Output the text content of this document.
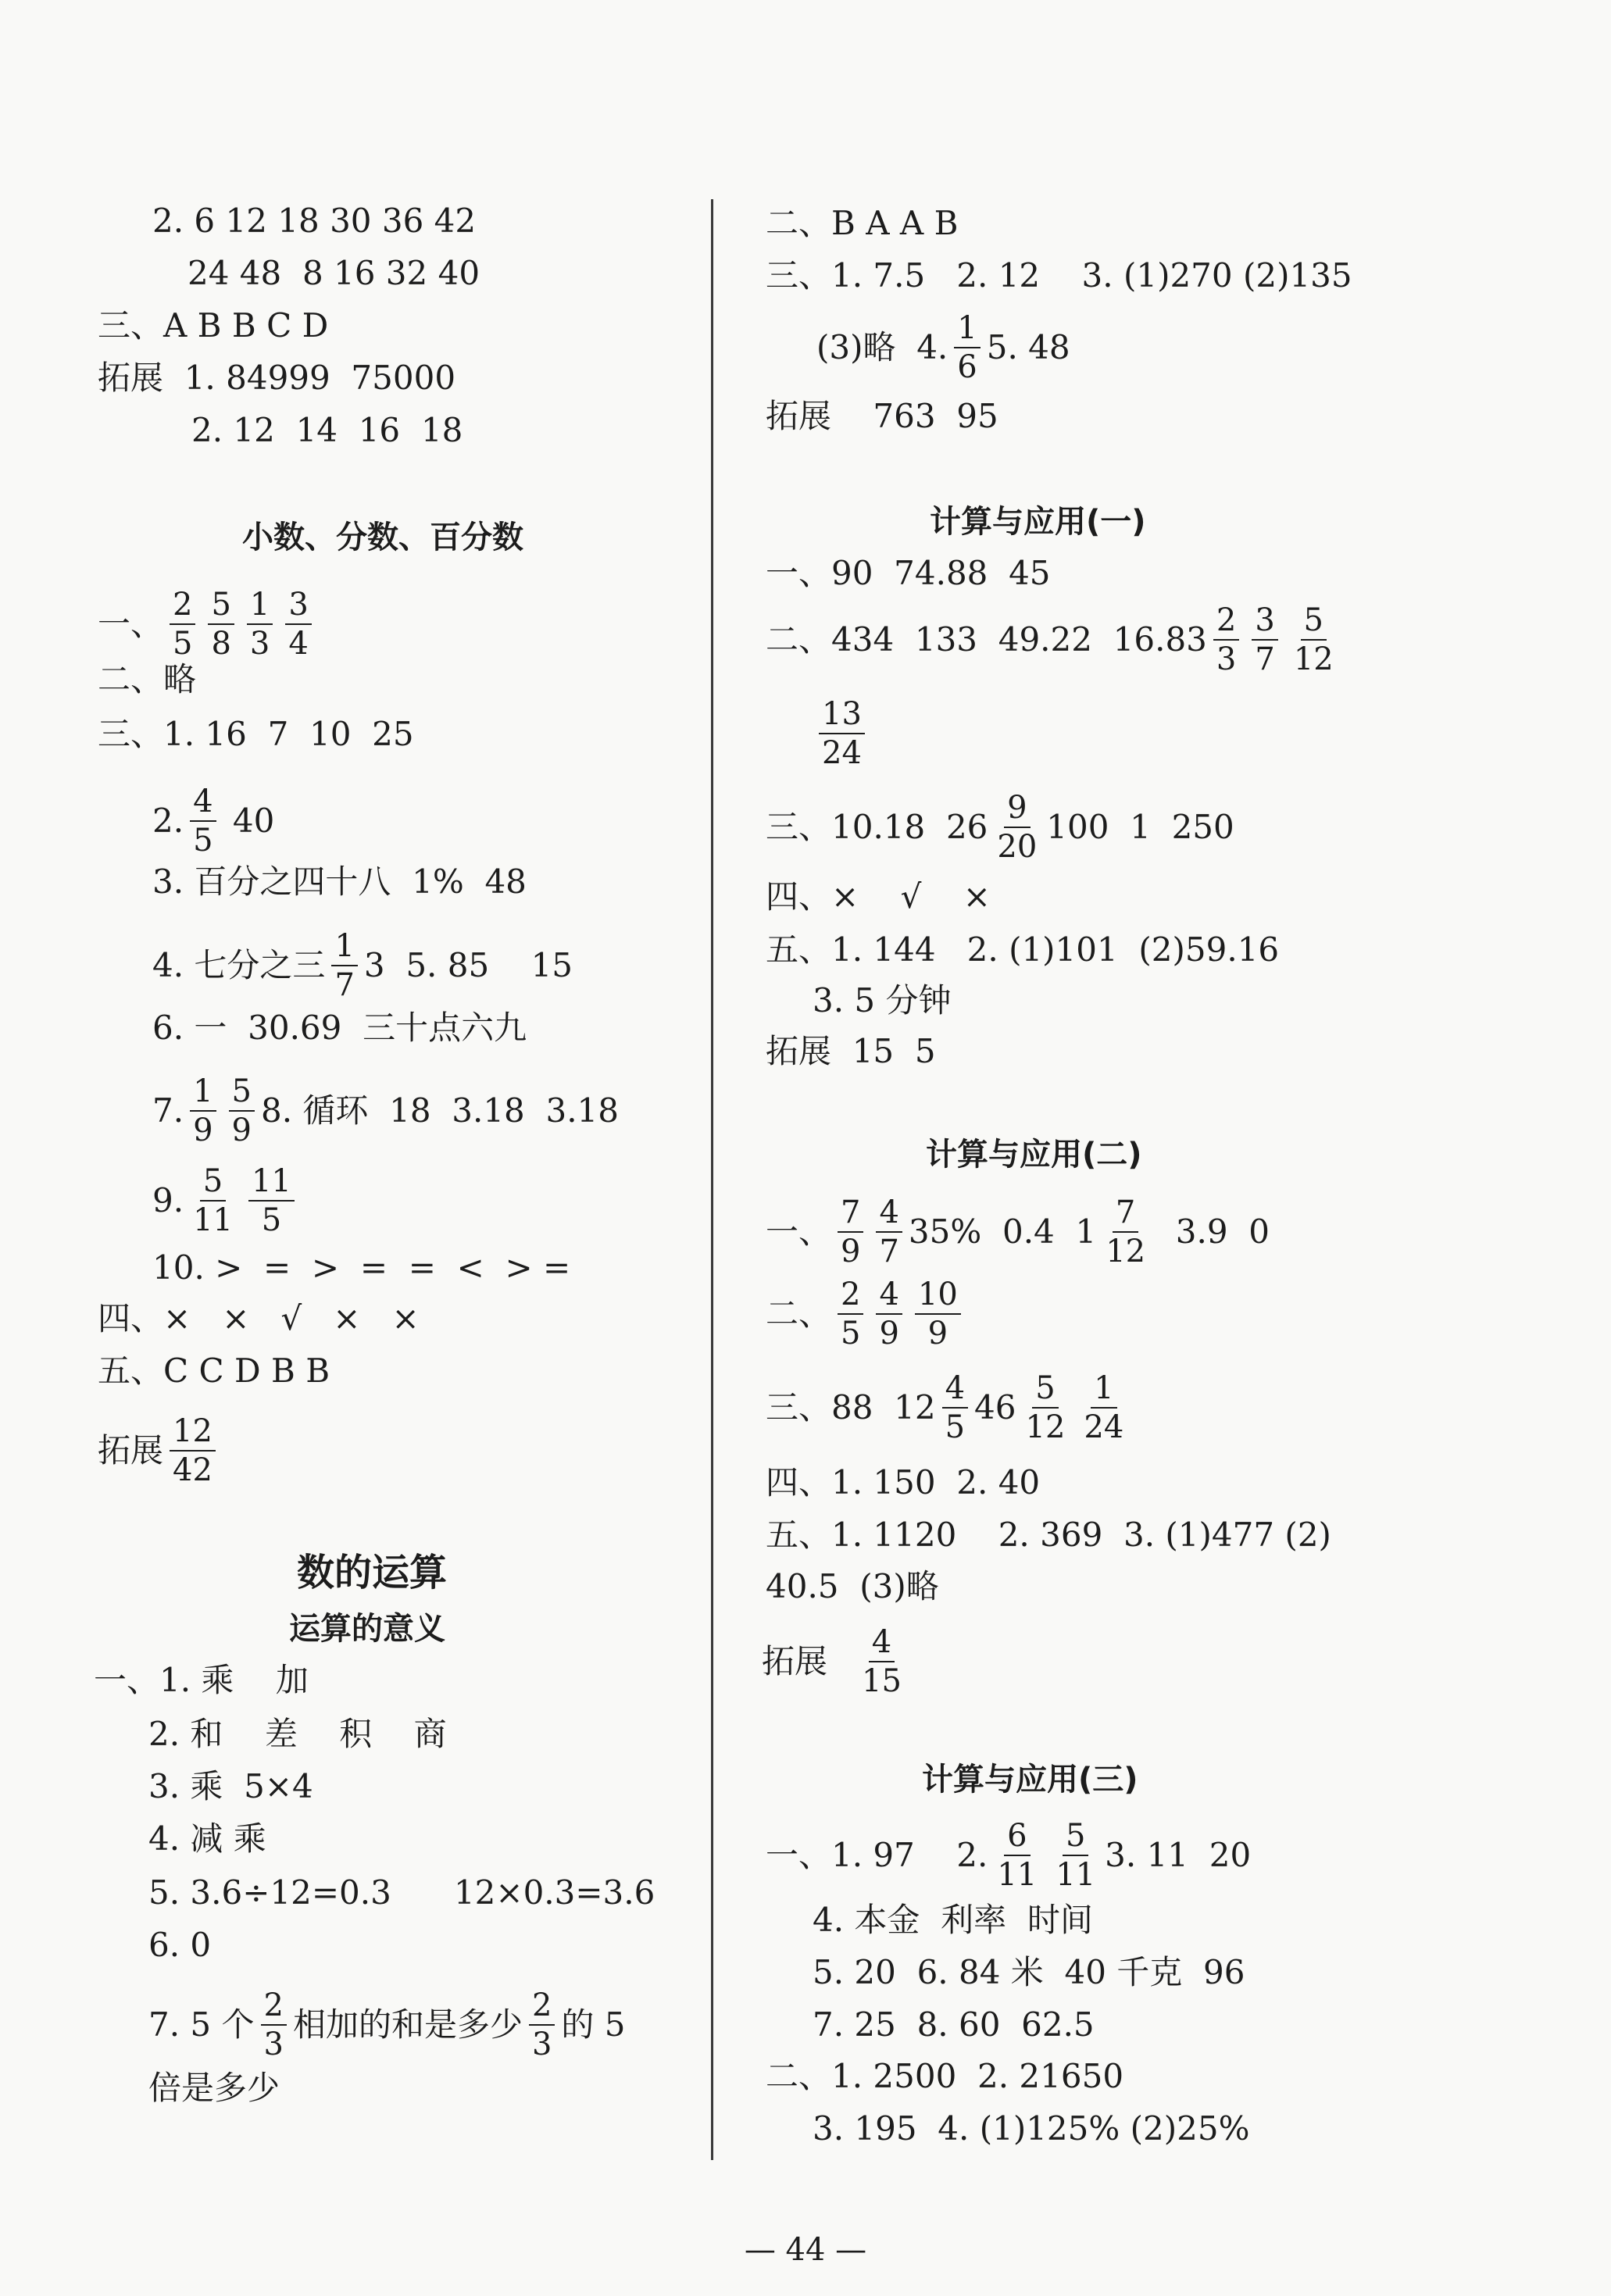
2. 6 12 18 30 36 42
24 48  8 16 32 40
三、A B B C D
拓展  1. 84999  75000
2. 12  14  16  18
小数、分数、百分数
一、 $\frac{2}{5} \frac{5}{8} \frac{1}{3} \frac{3}{4}$
二、略
三、1. 16  7  10  25
2. $\frac{4}{5} 40$
3. 百分之四十八  1%  48
4. 七分之三 $\frac{1}{7} 3$  5. 85    15
6. 一  30.69  三十点六九
7. $\frac{1}{9} \frac{5}{9} 8$. 循环  18  3.18  3.18
9. $\frac{5}{11} \frac{11}{5}$
10. >  =  >  =  =  <  > =
四、×   ×   √   ×   ×
五、C C D B B
拓展 $\frac{12}{42}$
数的运算
运算的意义
一、1. 乘    加
2. 和    差    积    商
3. 乘  5×4
4. 减 乘
5. 3.6÷12=0.3      12×0.3=3.6
6. 0
7. 5 个 $\frac{2}{3}$ 相加的和是多少 $\frac{2}{3}$ 的 5
倍是多少
二、B A A B
三、1. 7.5   2. 12    3. (1)270 (2)135
(3)略  4. $\frac{1}{6} 5$. 48
拓展    763  95
计算与应用(一)
一、90  74.88  45
二、434  133  49.22  $16.83 \frac{2}{3} \frac{3}{7} \frac{5}{12}$
$\frac{13}{24}$
三、10.18  $26 \frac{9}{20} 100$  1  250
四、×    √    ×
五、1. 144   2. (1)101  (2)59.16
3. 5 分钟
拓展  15  5
计算与应用(二)
一、 $\frac{7}{9} \frac{4}{7} 35\%$  0.4  $1 \frac{7}{12} 3.9$  0
二、 $\frac{2}{5} \frac{4}{9} \frac{10}{9}$
三、88  $12 \frac{4}{5} 46 \frac{5}{12} \frac{1}{24}$
四、1. 150  2. 40
五、1. 1120    2. 369  3. (1)477 (2)
40.5  (3)略
拓展 $\frac{4}{15}$
计算与应用(三)
一、1. 97    2. $\frac{6}{11} \frac{5}{11} 3$. 11  20
4. 本金  利率  时间
5. 20  6. 84 米  40 千克  96
7. 25  8. 60  62.5
二、1. 2500  2. 21650
3. 195  4. (1)125% (2)25%
— 44 —
